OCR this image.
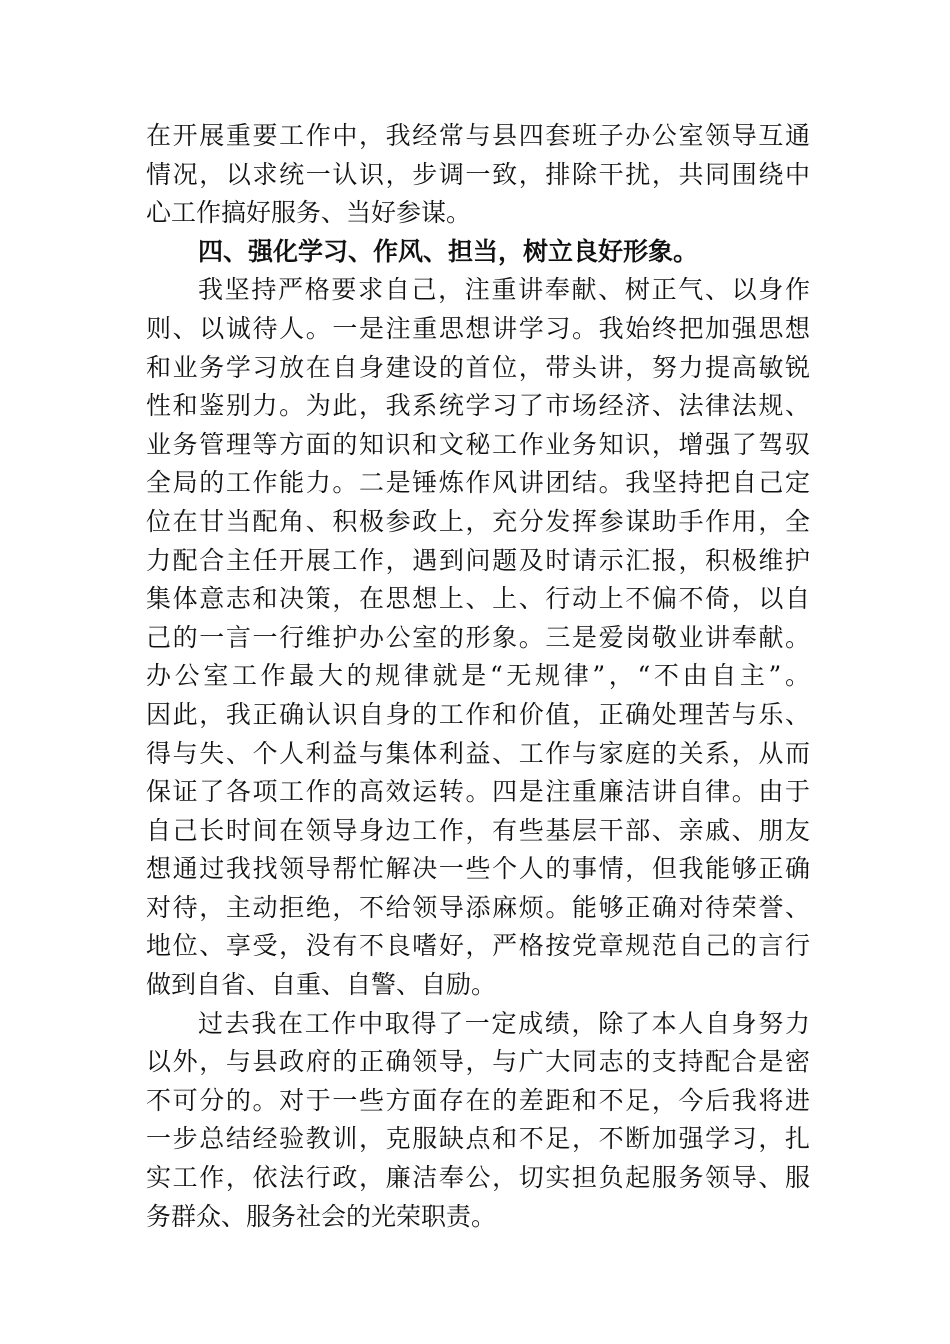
在开展重要工作中，我经常与县四套班子办公室领导互通
情况，以求统一认识，步调一致，排除干扰，共同围绕中
心工作搞好服务、当好参谋。
四、强化学习、作风、担当，树立良好形象。
我坚持严格要求自己，注重讲奉献、树正气、以身作
则、以诚待人。一是注重思想讲学习。我始终把加强思想
和业务学习放在自身建设的首位，带头讲，努力提高敏锐
性和鉴别力。为此，我系统学习了市场经济、法律法规、
业务管理等方面的知识和文秘工作业务知识，增强了驾驭
全局的工作能力。二是锤炼作风讲团结。我坚持把自己定
位在甘当配角、积极参政上，充分发挥参谋助手作用，全
力配合主任开展工作，遇到问题及时请示汇报，积极维护
集体意志和决策，在思想上、上、行动上不偏不倚，以自
己的一言一行维护办公室的形象。三是爱岗敬业讲奉献。
办公室工作最大的规律就是“无规律”，“不由自主”。
因此，我正确认识自身的工作和价值，正确处理苦与乐、
得与失、个人利益与集体利益、工作与家庭的关系，从而
保证了各项工作的高效运转。四是注重廉洁讲自律。由于
自己长时间在领导身边工作，有些基层干部、亲戚、朋友
想通过我找领导帮忙解决一些个人的事情，但我能够正确
对待，主动拒绝，不给领导添麻烦。能够正确对待荣誉、
地位、享受，没有不良嗜好，严格按党章规范自己的言行
做到自省、自重、自警、自励。
过去我在工作中取得了一定成绩，除了本人自身努力
以外，与县政府的正确领导，与广大同志的支持配合是密
不可分的。对于一些方面存在的差距和不足，今后我将进
一步总结经验教训，克服缺点和不足，不断加强学习，扎
实工作，依法行政，廉洁奉公，切实担负起服务领导、服
务群众、服务社会的光荣职责。
